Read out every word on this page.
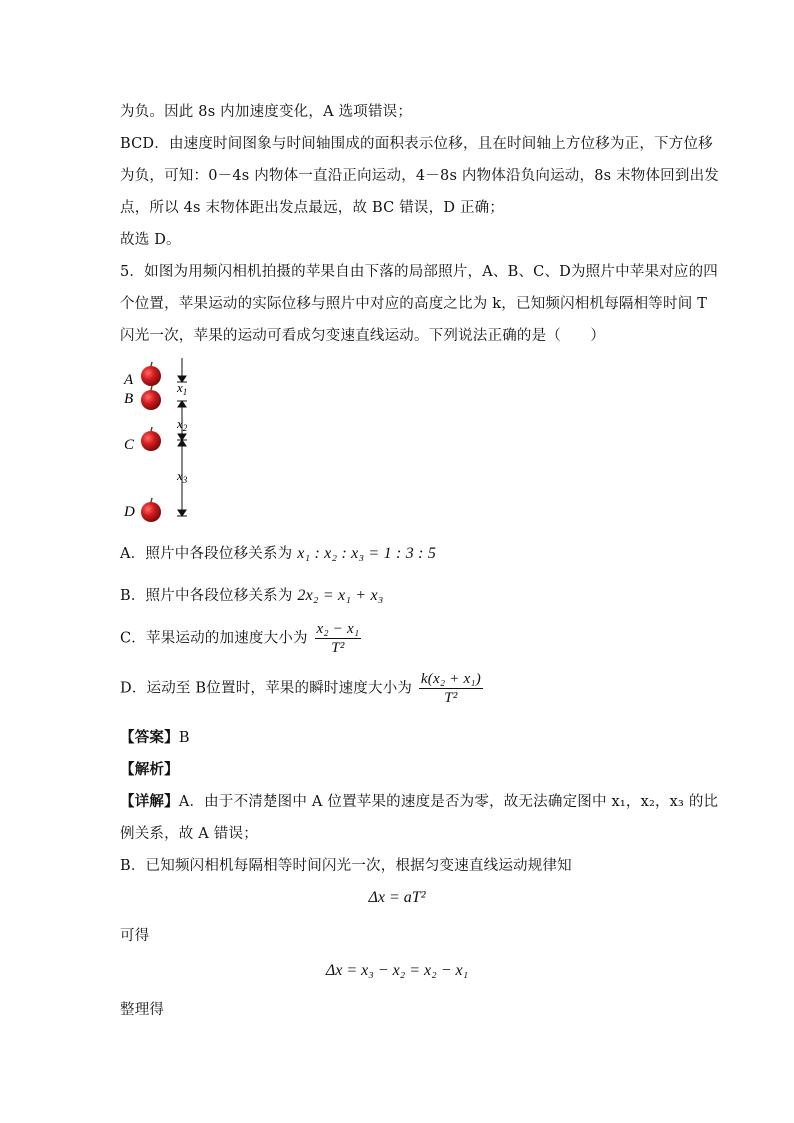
为负。因此 8s 内加速度变化，A 选项错误；
BCD．由速度时间图象与时间轴围成的面积表示位移，且在时间轴上方位移为正，下方位移
为负，可知：0－4s 内物体一直沿正向运动，4－8s 内物体沿负向运动，8s 末物体回到出发
点，所以 4s 末物体距出发点最远，故 BC 错误，D 正确；
故选 D。
5．如图为用频闪相机拍摄的苹果自由下落的局部照片，A、B、C、D为照片中苹果对应的四
个位置，苹果运动的实际位移与照片中对应的高度之比为 k，已知频闪相机每隔相等时间 T
闪光一次，苹果的运动可看成匀变速直线运动。下列说法正确的是（　　）
A
B
C
D
$x_1$
$x_2$
$x_3$
A．照片中各段位移关系为 x₁ : x₂ : x₃ = 1 : 3 : 5
B．照片中各段位移关系为 2x₂ = x₁ + x₃
C．苹果运动的加速度大小为 $\frac{\text{x₂ − x₁}}{\text{T²}}$
D．运动至 B位置时，苹果的瞬时速度大小为 $\frac{\text{k(x₂ + x₁)}}{\text{T²}}$
【答案】B
【解析】
【详解】A．由于不清楚图中 A 位置苹果的速度是否为零，故无法确定图中 x₁，x₂，x₃ 的比
例关系，故 A 错误；
B．已知频闪相机每隔相等时间闪光一次，根据匀变速直线运动规律知
Δx = aT²
可得
Δx = x₃ − x₂ = x₂ − x₁
整理得
